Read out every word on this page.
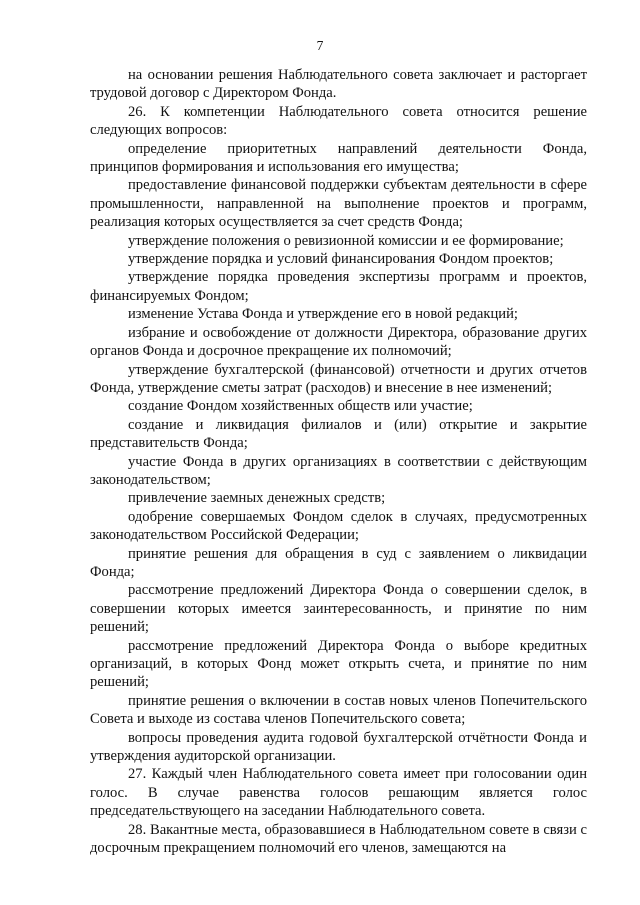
7

на основании решения Наблюдательного совета заключает и расторгает трудовой договор с Директором Фонда.

26. К компетенции Наблюдательного совета относится решение следующих вопросов:

определение приоритетных направлений деятельности Фонда, принципов формирования и использования его имущества;

предоставление финансовой поддержки субъектам деятельности в сфере промышленности, направленной на выполнение проектов и программ, реализация которых осуществляется за счет средств Фонда;

утверждение положения о ревизионной комиссии и ее формирование;

утверждение порядка и условий финансирования Фондом проектов;

утверждение порядка проведения экспертизы программ и проектов, финансируемых Фондом;

изменение Устава Фонда и утверждение его в новой редакций;

избрание и освобождение от должности Директора, образование других органов Фонда и досрочное прекращение их полномочий;

утверждение бухгалтерской (финансовой) отчетности и других отчетов Фонда, утверждение сметы затрат (расходов) и внесение в нее изменений;

создание Фондом хозяйственных обществ или участие;

создание и ликвидация филиалов и (или) открытие и закрытие представительств Фонда;

участие Фонда в других организациях в соответствии с действующим законодательством;

привлечение заемных денежных средств;

одобрение совершаемых Фондом сделок в случаях, предусмотренных законодательством Российской Федерации;

принятие решения для обращения в суд с заявлением о ликвидации Фонда;

рассмотрение предложений Директора Фонда о совершении сделок, в совершении которых имеется заинтересованность, и принятие по ним решений;

рассмотрение предложений Директора Фонда о выборе кредитных организаций, в которых Фонд может открыть счета, и принятие по ним решений;

принятие решения о включении в состав новых членов Попечительского Совета и выходе из состава членов Попечительского совета;

вопросы проведения аудита годовой бухгалтерской отчётности Фонда и утверждения аудиторской организации.

27. Каждый член Наблюдательного совета имеет при голосовании один голос. В случае равенства голосов решающим является голос председательствующего на заседании Наблюдательного совета.

28. Вакантные места, образовавшиеся в Наблюдательном совете в связи с досрочным прекращением полномочий его членов, замещаются на
